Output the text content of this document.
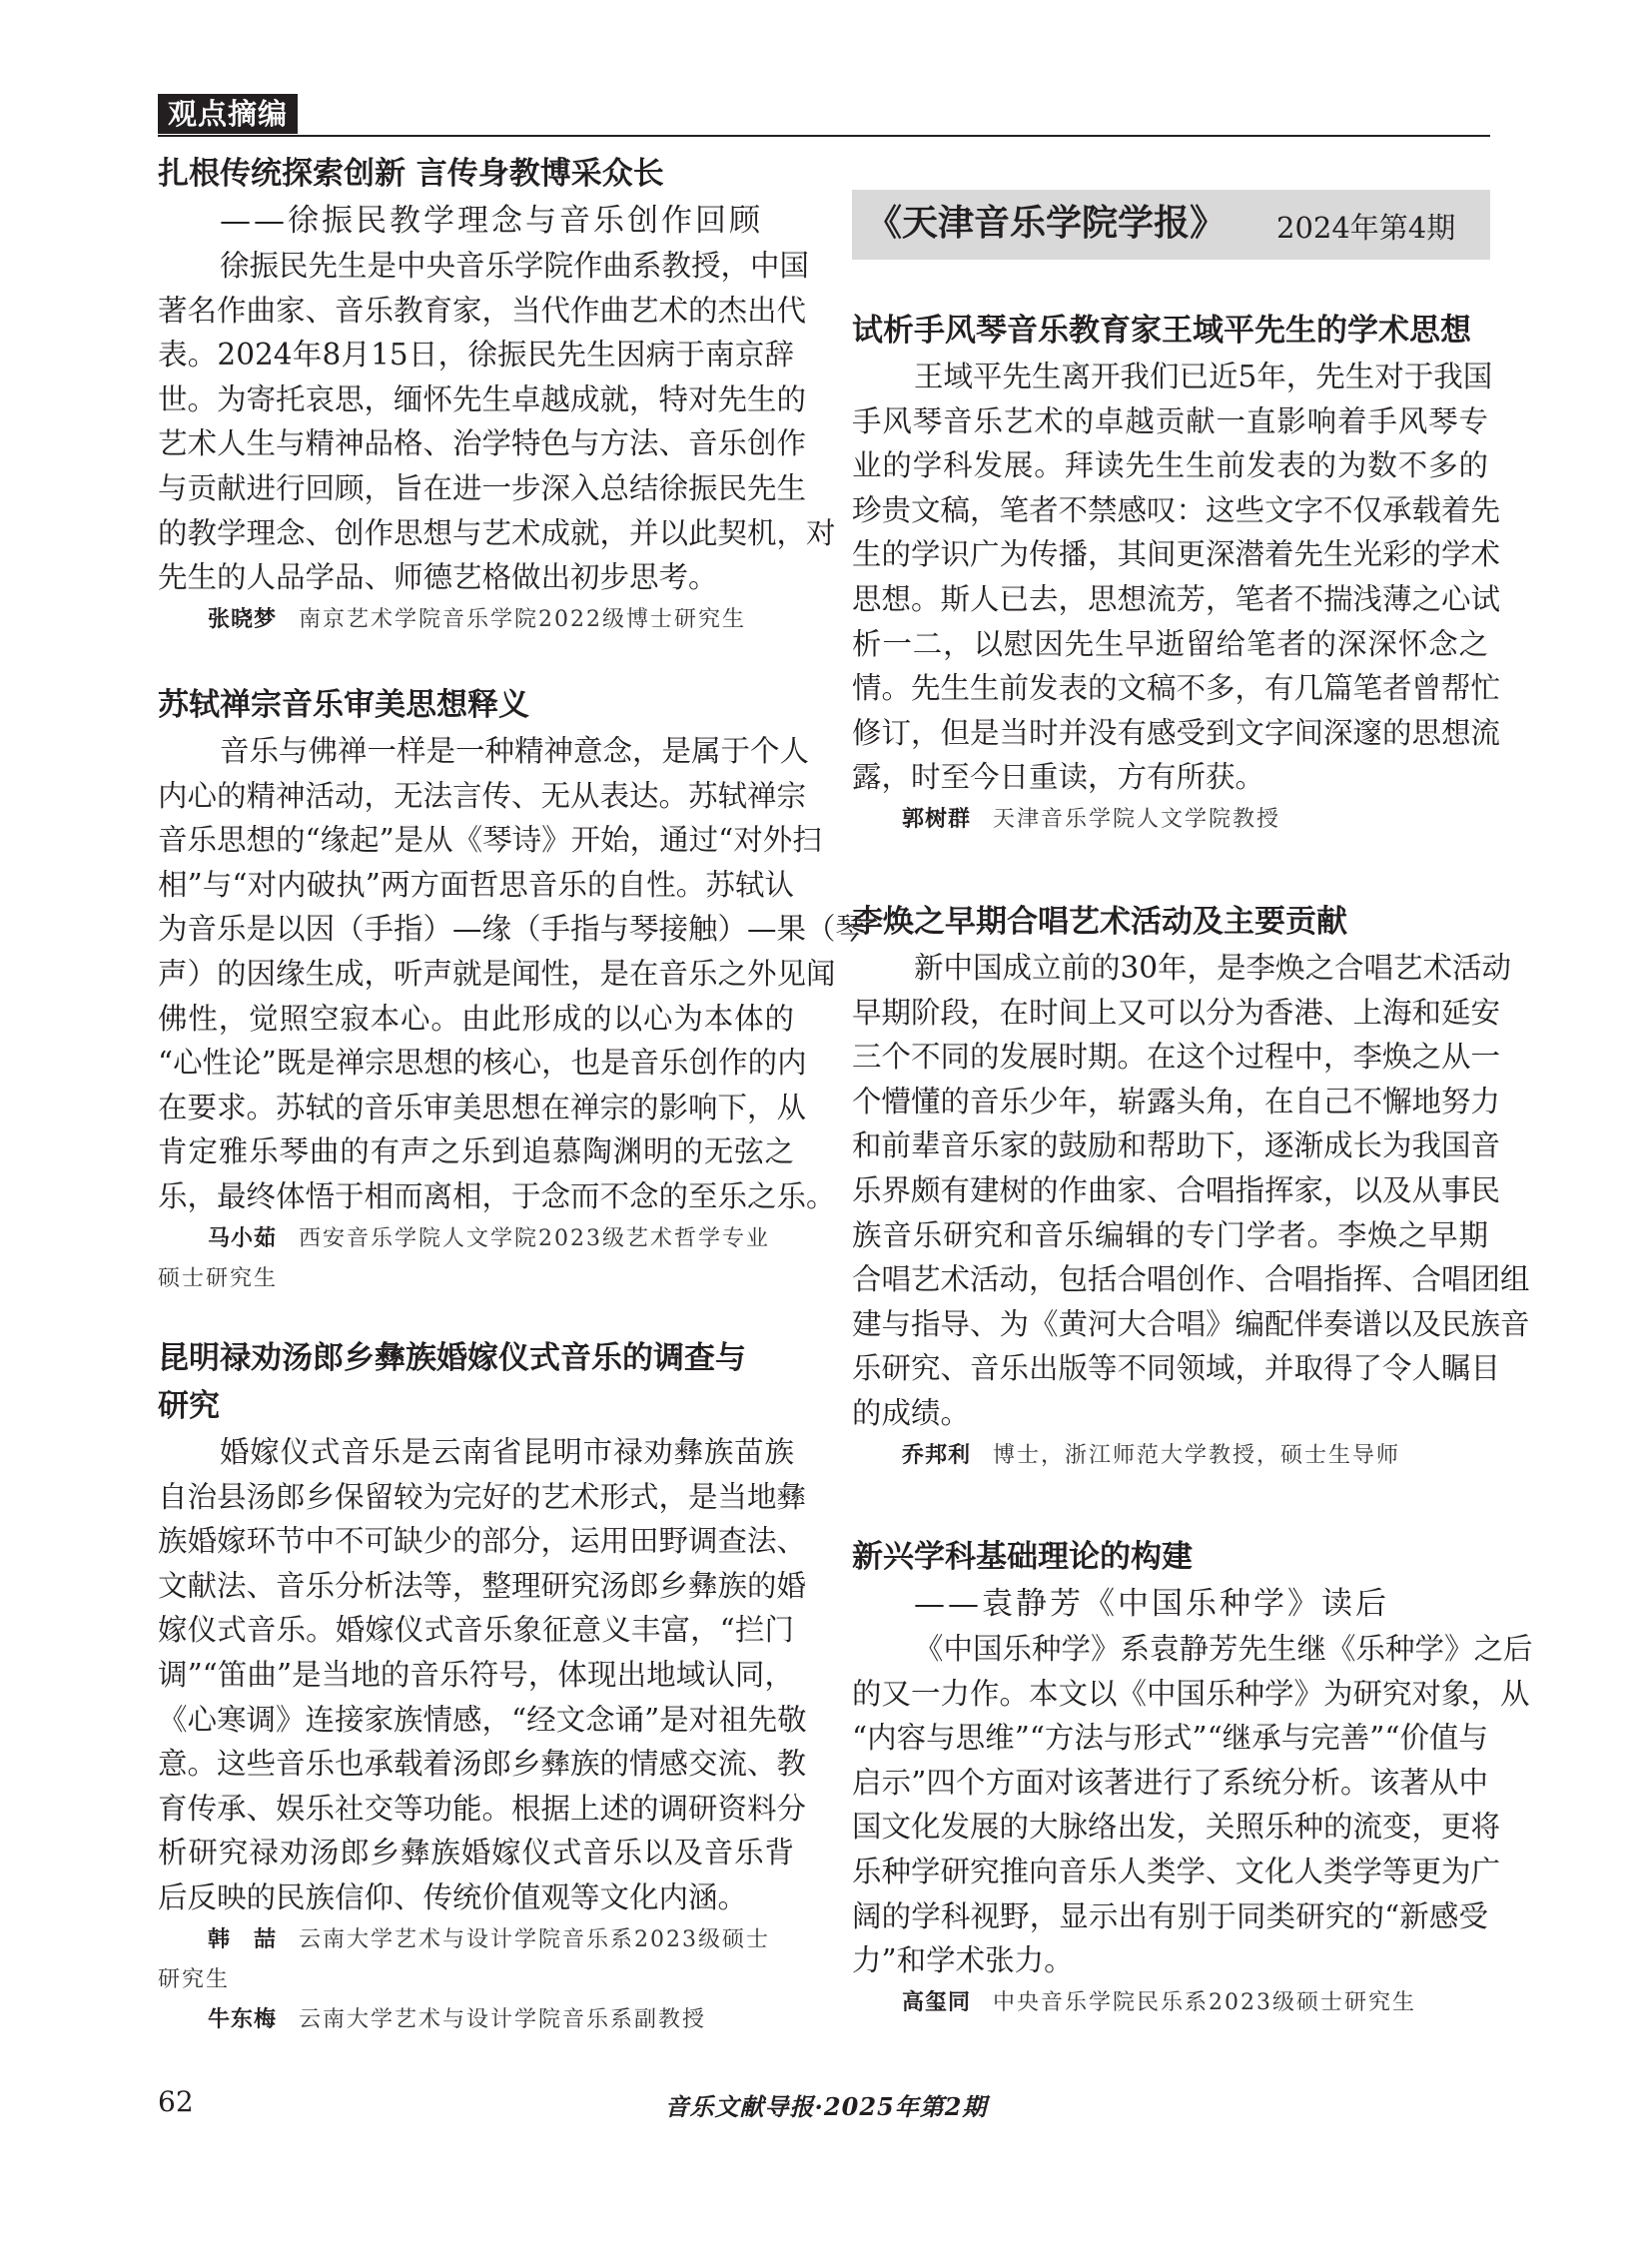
观点摘编
《天津音乐学院学报》 2024年第4期
扎根传统探索创新 言传身教博采众长
——徐振民教学理念与音乐创作回顾
徐振民先生是中央音乐学院作曲系教授，中国
著名作曲家、音乐教育家，当代作曲艺术的杰出代
表。2024年8月15日，徐振民先生因病于南京辞
世。为寄托哀思，缅怀先生卓越成就，特对先生的
艺术人生与精神品格、治学特色与方法、音乐创作
与贡献进行回顾，旨在进一步深入总结徐振民先生
的教学理念、创作思想与艺术成就，并以此契机，对
先生的人品学品、师德艺格做出初步思考。
张晓梦 南京艺术学院音乐学院2022级博士研究生
苏轼禅宗音乐审美思想释义
音乐与佛禅一样是一种精神意念，是属于个人
内心的精神活动，无法言传、无从表达。苏轼禅宗
音乐思想的“缘起”是从《琴诗》开始，通过“对外扫
相”与“对内破执”两方面哲思音乐的自性。苏轼认
为音乐是以因（手指）—缘（手指与琴接触）—果（琴
声）的因缘生成，听声就是闻性，是在音乐之外见闻
佛性，觉照空寂本心。由此形成的以心为本体的
“心性论”既是禅宗思想的核心，也是音乐创作的内
在要求。苏轼的音乐审美思想在禅宗的影响下，从
肯定雅乐琴曲的有声之乐到追慕陶渊明的无弦之
乐，最终体悟于相而离相，于念而不念的至乐之乐。
马小茹 西安音乐学院人文学院2023级艺术哲学专业
硕士研究生
昆明禄劝汤郎乡彝族婚嫁仪式音乐的调查与
研究
婚嫁仪式音乐是云南省昆明市禄劝彝族苗族
自治县汤郎乡保留较为完好的艺术形式，是当地彝
族婚嫁环节中不可缺少的部分，运用田野调查法、
文献法、音乐分析法等，整理研究汤郎乡彝族的婚
嫁仪式音乐。婚嫁仪式音乐象征意义丰富，“拦门
调”“笛曲”是当地的音乐符号，体现出地域认同，
《心寒调》连接家族情感，“经文念诵”是对祖先敬
意。这些音乐也承载着汤郎乡彝族的情感交流、教
育传承、娱乐社交等功能。根据上述的调研资料分
析研究禄劝汤郎乡彝族婚嫁仪式音乐以及音乐背
后反映的民族信仰、传统价值观等文化内涵。
韩　喆 云南大学艺术与设计学院音乐系2023级硕士
研究生
牛东梅 云南大学艺术与设计学院音乐系副教授
试析手风琴音乐教育家王域平先生的学术思想
王域平先生离开我们已近5年，先生对于我国
手风琴音乐艺术的卓越贡献一直影响着手风琴专
业的学科发展。拜读先生生前发表的为数不多的
珍贵文稿，笔者不禁感叹：这些文字不仅承载着先
生的学识广为传播，其间更深潜着先生光彩的学术
思想。斯人已去，思想流芳，笔者不揣浅薄之心试
析一二，以慰因先生早逝留给笔者的深深怀念之
情。先生生前发表的文稿不多，有几篇笔者曾帮忙
修订，但是当时并没有感受到文字间深邃的思想流
露，时至今日重读，方有所获。
郭树群 天津音乐学院人文学院教授
李焕之早期合唱艺术活动及主要贡献
新中国成立前的30年，是李焕之合唱艺术活动
早期阶段，在时间上又可以分为香港、上海和延安
三个不同的发展时期。在这个过程中，李焕之从一
个懵懂的音乐少年，崭露头角，在自己不懈地努力
和前辈音乐家的鼓励和帮助下，逐渐成长为我国音
乐界颇有建树的作曲家、合唱指挥家，以及从事民
族音乐研究和音乐编辑的专门学者。李焕之早期
合唱艺术活动，包括合唱创作、合唱指挥、合唱团组
建与指导、为《黄河大合唱》编配伴奏谱以及民族音
乐研究、音乐出版等不同领域，并取得了令人瞩目
的成绩。
乔邦利 博士，浙江师范大学教授，硕士生导师
新兴学科基础理论的构建
——袁静芳《中国乐种学》读后
《中国乐种学》系袁静芳先生继《乐种学》之后
的又一力作。本文以《中国乐种学》为研究对象，从
“内容与思维”“方法与形式”“继承与完善”“价值与
启示”四个方面对该著进行了系统分析。该著从中
国文化发展的大脉络出发，关照乐种的流变，更将
乐种学研究推向音乐人类学、文化人类学等更为广
阔的学科视野，显示出有别于同类研究的“新感受
力”和学术张力。
高玺同 中央音乐学院民乐系2023级硕士研究生
62	音乐文献导报·2025年第2期
